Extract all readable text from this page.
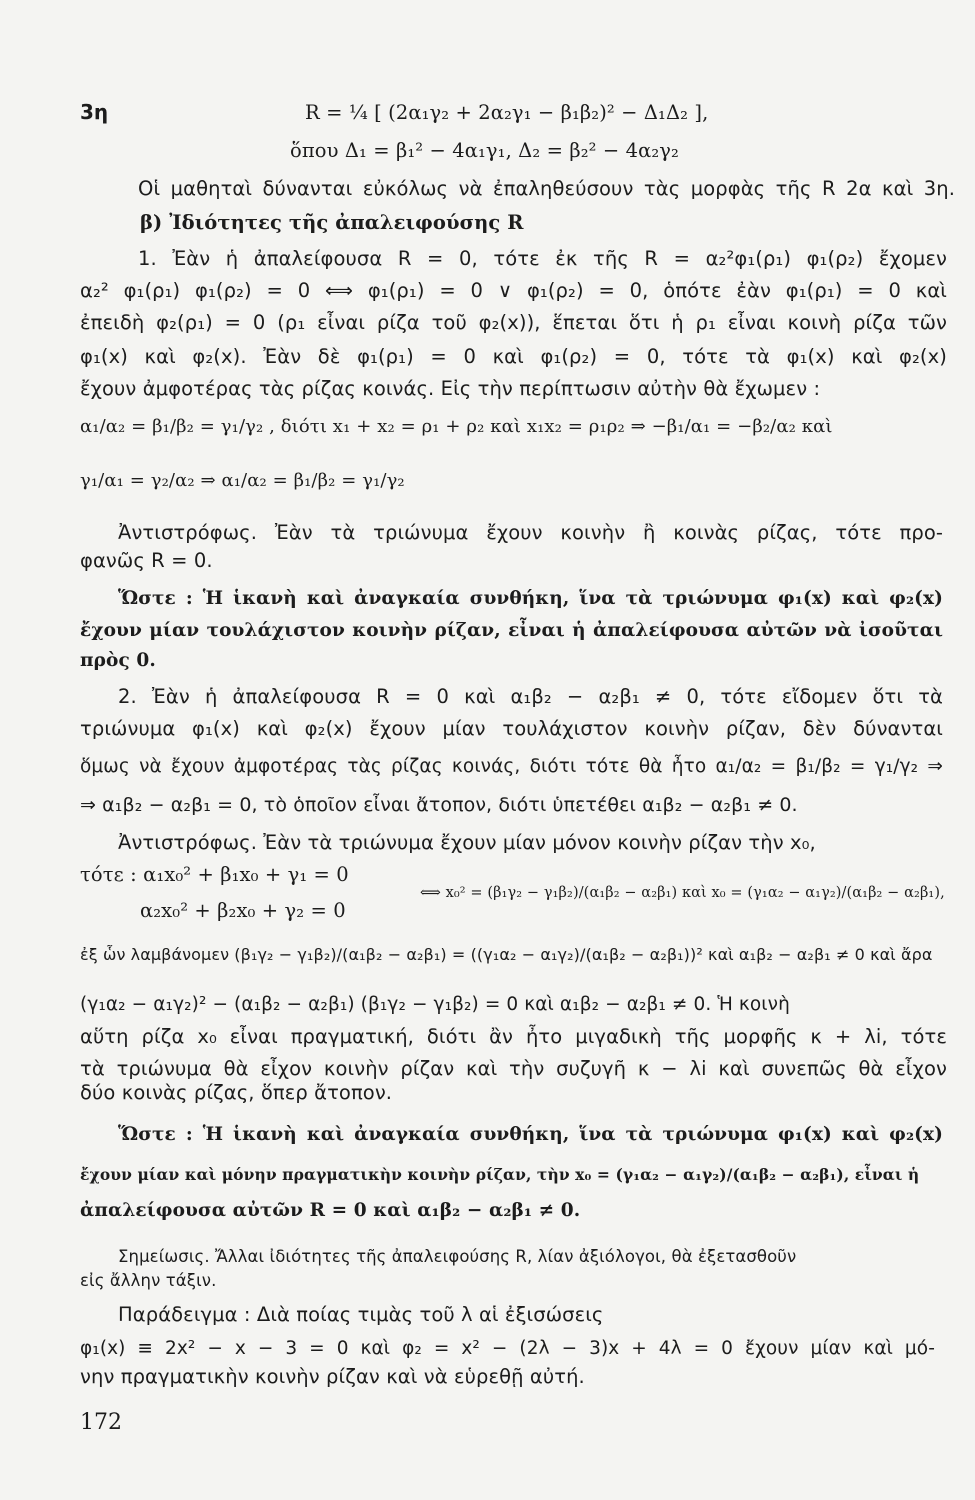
3η	R = ¼ [ (2α₁γ₂ + 2α₂γ₁ − β₁β₂)² − Δ₁Δ₂ ],
ὅπου Δ₁ = β₁² − 4α₁γ₁, Δ₂ = β₂² − 4α₂γ₂
Οἱ μαθηταὶ δύνανται εὐκόλως νὰ ἐπαληθεύσουν τὰς μορφὰς τῆς R 2α καὶ 3η.
β) Ἰδιότητες τῆς ἀπαλειφούσης R
1. Ἐὰν ἡ ἀπαλείφουσα R = 0, τότε ἐκ τῆς R = α₂²φ₁(ρ₁) φ₁(ρ₂) ἔχομεν
α₂² φ₁(ρ₁) φ₁(ρ₂) = 0 ⟺ φ₁(ρ₁) = 0 ∨ φ₁(ρ₂) = 0, ὁπότε ἐὰν φ₁(ρ₁) = 0 καὶ
ἐπειδὴ φ₂(ρ₁) = 0 (ρ₁ εἶναι ρίζα τοῦ φ₂(x)), ἕπεται ὅτι ἡ ρ₁ εἶναι κοινὴ ρίζα τῶν
φ₁(x) καὶ φ₂(x). Ἐὰν δὲ φ₁(ρ₁) = 0 καὶ φ₁(ρ₂) = 0, τότε τὰ φ₁(x) καὶ φ₂(x)
ἔχουν ἀμφοτέρας τὰς ρίζας κοινάς. Εἰς τὴν περίπτωσιν αὐτὴν θὰ ἔχωμεν :
α₁/α₂ = β₁/β₂ = γ₁/γ₂ , διότι x₁ + x₂ = ρ₁ + ρ₂ καὶ x₁x₂ = ρ₁ρ₂ ⇒ −β₁/α₁ = −β₂/α₂ καὶ
γ₁/α₁ = γ₂/α₂ ⇒ α₁/α₂ = β₁/β₂ = γ₁/γ₂
Ἀντιστρόφως. Ἐὰν τὰ τριώνυμα ἔχουν κοινὴν ἢ κοινὰς ρίζας, τότε προ-
φανῶς R = 0.
Ὥστε : Ἡ ἱκανὴ καὶ ἀναγκαία συνθήκη, ἵνα τὰ τριώνυμα φ₁(x) καὶ φ₂(x)
ἔχουν μίαν τουλάχιστον κοινὴν ρίζαν, εἶναι ἡ ἀπαλείφουσα αὐτῶν νὰ ἰσοῦται
πρὸς 0.
2. Ἐὰν ἡ ἀπαλείφουσα R = 0 καὶ α₁β₂ − α₂β₁ ≠ 0, τότε εἴδομεν ὅτι τὰ
τριώνυμα φ₁(x) καὶ φ₂(x) ἔχουν μίαν τουλάχιστον κοινὴν ρίζαν, δὲν δύνανται
ὅμως νὰ ἔχουν ἀμφοτέρας τὰς ρίζας κοινάς, διότι τότε θὰ ἦτο α₁/α₂ = β₁/β₂ = γ₁/γ₂ ⇒
⇒ α₁β₂ − α₂β₁ = 0, τὸ ὁποῖον εἶναι ἄτοπον, διότι ὑπετέθει α₁β₂ − α₂β₁ ≠ 0.
Ἀντιστρόφως. Ἐὰν τὰ τριώνυμα ἔχουν μίαν μόνον κοινὴν ρίζαν τὴν x₀,
τότε : α₁x₀² + β₁x₀ + γ₁ = 0
α₂x₀² + β₂x₀ + γ₂ = 0
⟺ x₀² = (β₁γ₂ − γ₁β₂)/(α₁β₂ − α₂β₁) καὶ x₀ = (γ₁α₂ − α₁γ₂)/(α₁β₂ − α₂β₁),
ἐξ ὧν λαμβάνομεν (β₁γ₂ − γ₁β₂)/(α₁β₂ − α₂β₁) = ((γ₁α₂ − α₁γ₂)/(α₁β₂ − α₂β₁))² καὶ α₁β₂ − α₂β₁ ≠ 0 καὶ ἄρα
(γ₁α₂ − α₁γ₂)² − (α₁β₂ − α₂β₁) (β₁γ₂ − γ₁β₂) = 0 καὶ α₁β₂ − α₂β₁ ≠ 0. Ἡ κοινὴ
αὕτη ρίζα x₀ εἶναι πραγματική, διότι ἂν ἦτο μιγαδικὴ τῆς μορφῆς κ + λi, τότε
τὰ τριώνυμα θὰ εἶχον κοινὴν ρίζαν καὶ τὴν συζυγῆ κ − λi καὶ συνεπῶς θὰ εἶχον
δύο κοινὰς ρίζας, ὅπερ ἄτοπον.
Ὥστε : Ἡ ἱκανὴ καὶ ἀναγκαία συνθήκη, ἵνα τὰ τριώνυμα φ₁(x) καὶ φ₂(x)
ἔχουν μίαν καὶ μόνην πραγματικὴν κοινὴν ρίζαν, τὴν x₀ = (γ₁α₂ − α₁γ₂)/(α₁β₂ − α₂β₁), εἶναι ἡ
ἀπαλείφουσα αὐτῶν R = 0 καὶ α₁β₂ − α₂β₁ ≠ 0.
Σημείωσις. Ἄλλαι ἰδιότητες τῆς ἀπαλειφούσης R, λίαν ἀξιόλογοι, θὰ ἐξετασθοῦν
εἰς ἄλλην τάξιν.
Παράδειγμα : Διὰ ποίας τιμὰς τοῦ λ αἱ ἐξισώσεις
φ₁(x) ≡ 2x² − x − 3 = 0 καὶ φ₂ = x² − (2λ − 3)x + 4λ = 0 ἔχουν μίαν καὶ μό-
νην πραγματικὴν κοινὴν ρίζαν καὶ νὰ εὑρεθῇ αὐτή.
172
